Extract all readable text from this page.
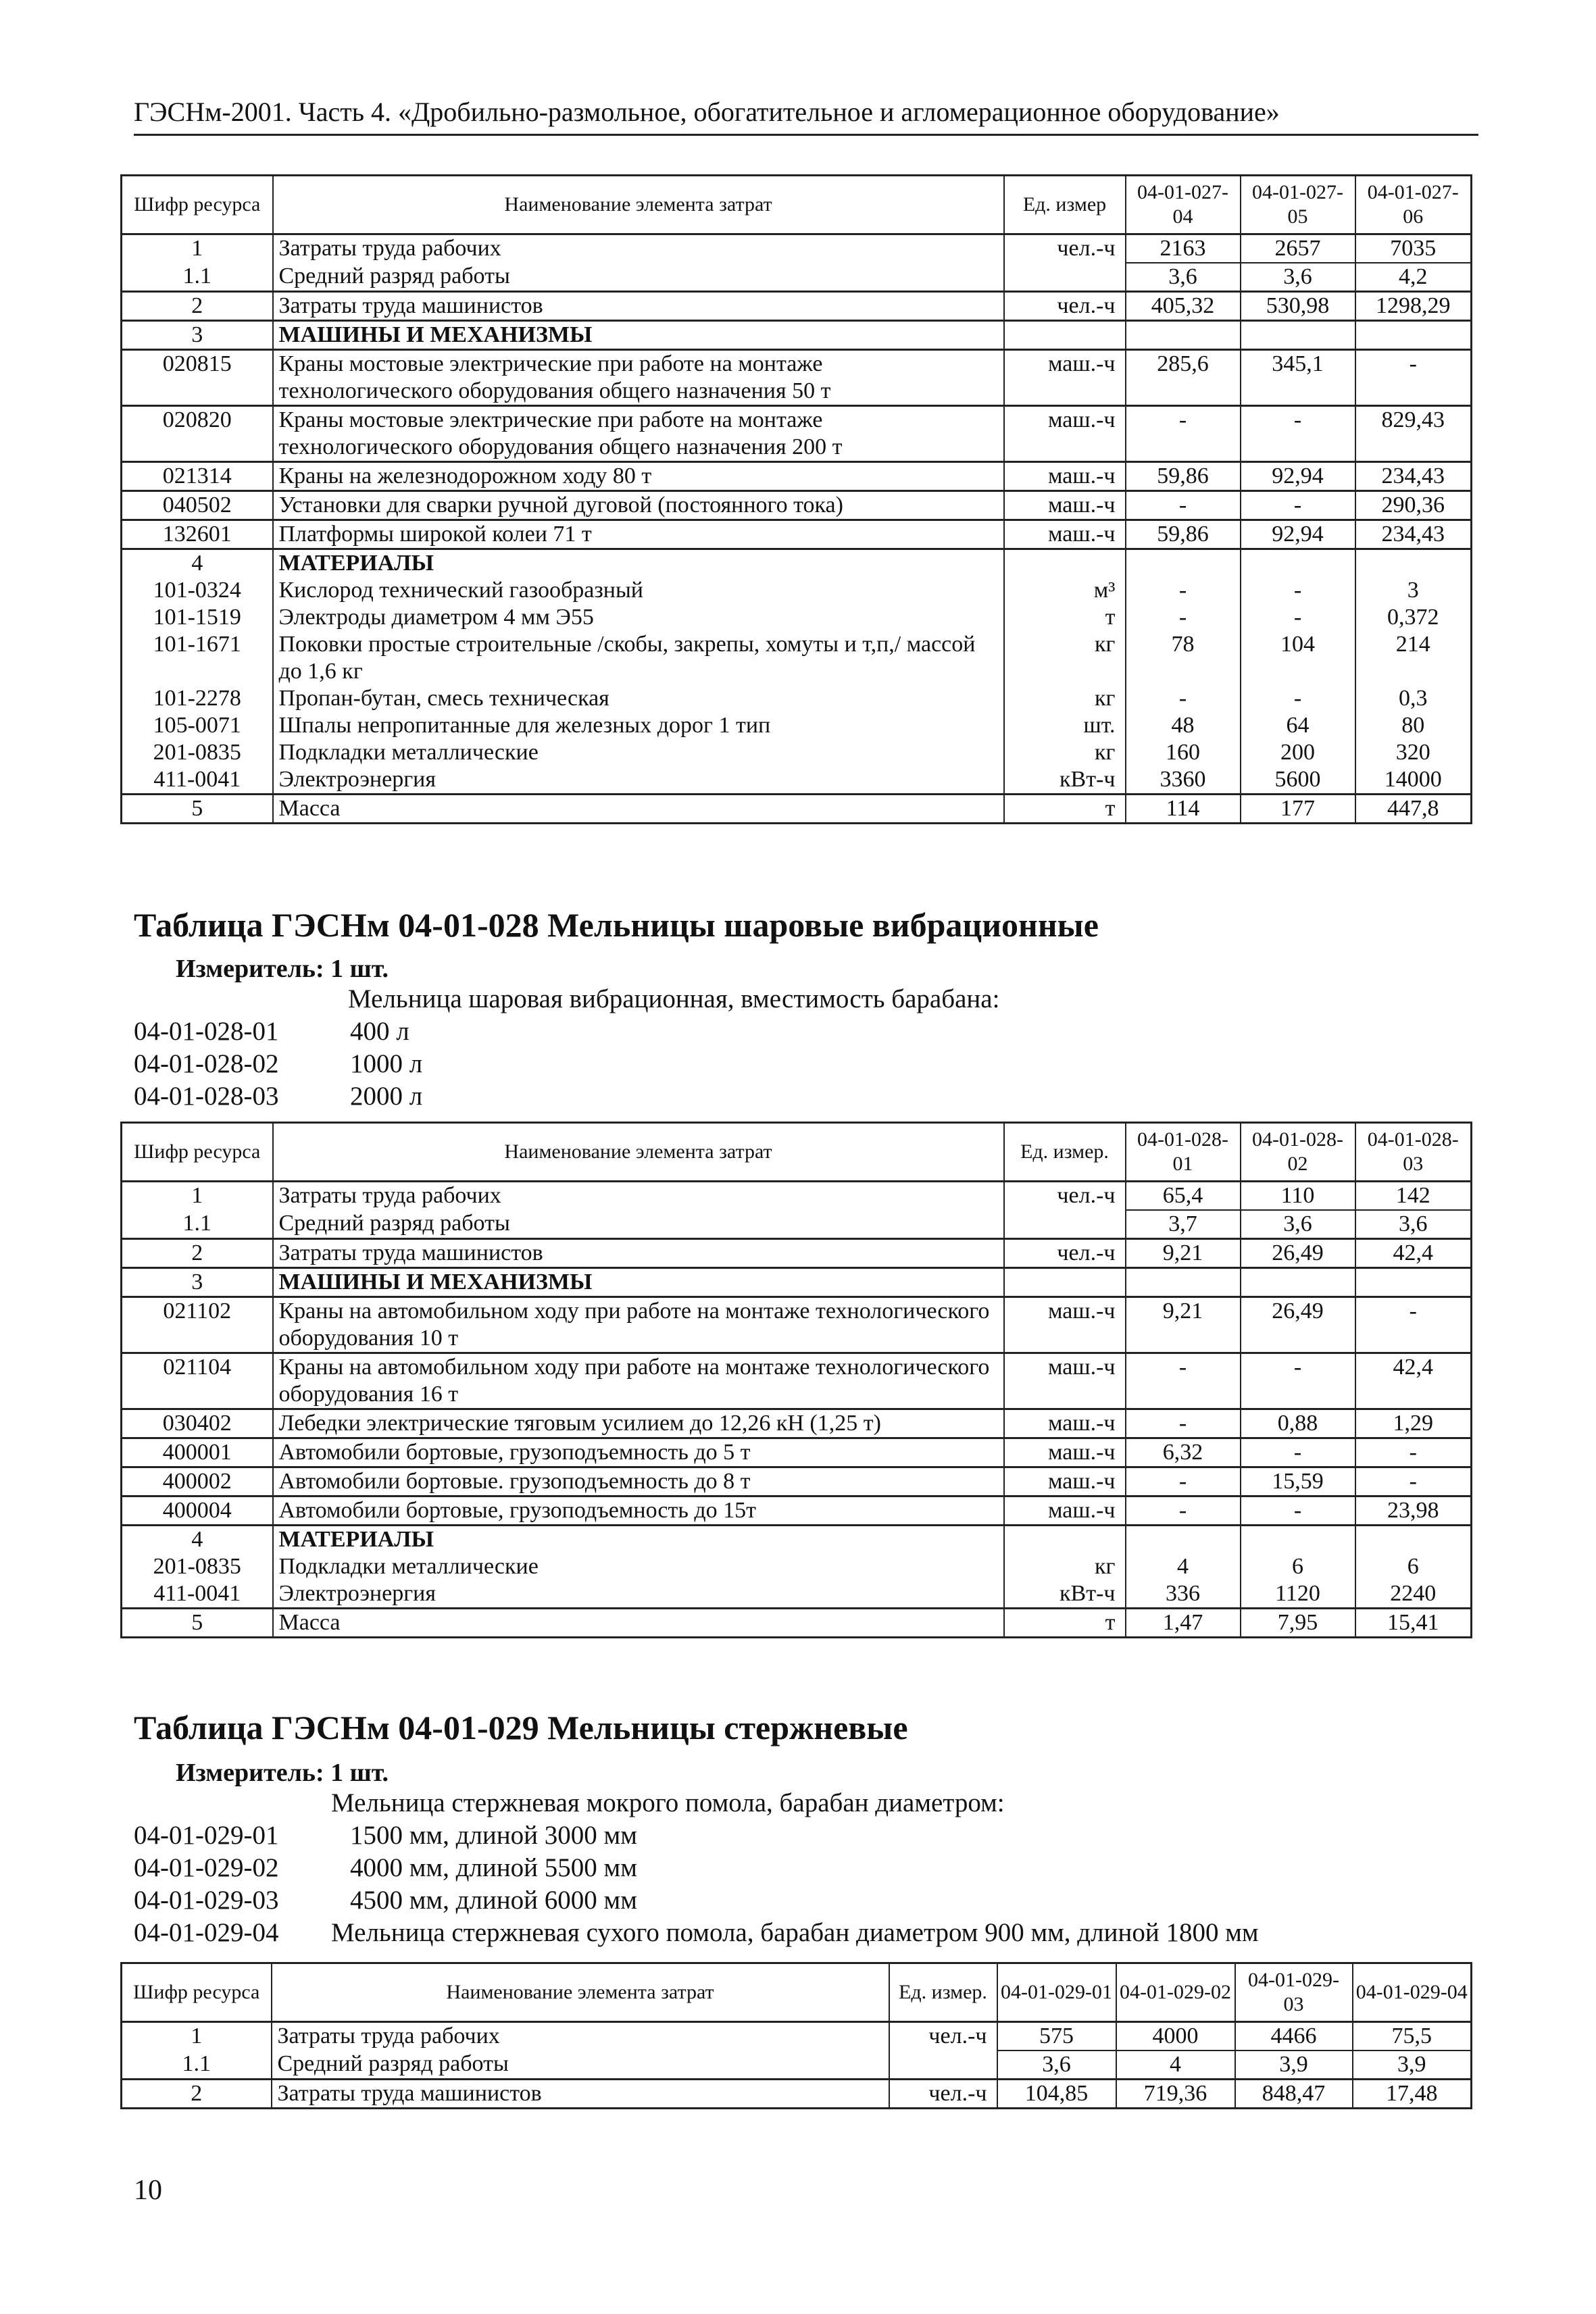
ГЭСНм-2001. Часть 4. «Дробильно-размольное, обогатительное и агломерационное оборудование»
Шифр ресурса	Наименование элемента затрат	Ед. измер	04-01-027-04	04-01-027-05	04-01-027-06
1	Затраты труда рабочих	чел.-ч	2163	2657	7035
1.1	Средний разряд работы		3,6	3,6	4,2
2	Затраты труда машинистов	чел.-ч	405,32	530,98	1298,29
3	МАШИНЫ И МЕХАНИЗМЫ				
020815	Краны мостовые электрические при работе на монтаже технологического оборудования общего назначения 50 т	маш.-ч	285,6	345,1	-
020820	Краны мостовые электрические при работе на монтаже технологического оборудования общего назначения 200 т	маш.-ч	-	-	829,43
021314	Краны на железнодорожном ходу 80 т	маш.-ч	59,86	92,94	234,43
040502	Установки для сварки ручной дуговой (постоянного тока)	маш.-ч	-	-	290,36
132601	Платформы широкой колеи 71 т	маш.-ч	59,86	92,94	234,43
4	МАТЕРИАЛЫ				
101-0324	Кислород технический газообразный	м³	-	-	3
101-1519	Электроды диаметром 4 мм Э55	т	-	-	0,372
101-1671	Поковки простые строительные /скобы, закрепы, хомуты и т,п,/ массой до 1,6 кг	кг	78	104	214
101-2278	Пропан-бутан, смесь техническая	кг	-	-	0,3
105-0071	Шпалы непропитанные для железных дорог 1 тип	шт.	48	64	80
201-0835	Подкладки металлические	кг	160	200	320
411-0041	Электроэнергия	кВт-ч	3360	5600	14000
5	Масса	т	114	177	447,8
Таблица ГЭСНм 04-01-028 Мельницы шаровые вибрационные
Измеритель: 1 шт.
Мельница шаровая вибрационная, вместимость барабана:
04-01-028-01	400 л
04-01-028-02	1000 л
04-01-028-03	2000 л
Шифр ресурса	Наименование элемента затрат	Ед. измер.	04-01-028-01	04-01-028-02	04-01-028-03
1	Затраты труда рабочих	чел.-ч	65,4	110	142
1.1	Средний разряд работы		3,7	3,6	3,6
2	Затраты труда машинистов	чел.-ч	9,21	26,49	42,4
3	МАШИНЫ И МЕХАНИЗМЫ				
021102	Краны на автомобильном ходу при работе на монтаже технологического оборудования 10 т	маш.-ч	9,21	26,49	-
021104	Краны на автомобильном ходу при работе на монтаже технологического оборудования 16 т	маш.-ч	-	-	42,4
030402	Лебедки электрические тяговым усилием до 12,26 кН (1,25 т)	маш.-ч	-	0,88	1,29
400001	Автомобили бортовые, грузоподъемность до 5 т	маш.-ч	6,32	-	-
400002	Автомобили бортовые. грузоподъемность до 8 т	маш.-ч	-	15,59	-
400004	Автомобили бортовые, грузоподъемность до 15т	маш.-ч	-	-	23,98
4	МАТЕРИАЛЫ				
201-0835	Подкладки металлические	кг	4	6	6
411-0041	Электроэнергия	кВт-ч	336	1120	2240
5	Масса	т	1,47	7,95	15,41
Таблица ГЭСНм 04-01-029 Мельницы стержневые
Измеритель: 1 шт.
Мельница стержневая мокрого помола, барабан диаметром:
04-01-029-01	1500 мм, длиной 3000 мм
04-01-029-02	4000 мм, длиной 5500 мм
04-01-029-03	4500 мм, длиной 6000 мм
04-01-029-04 Мельница стержневая сухого помола, барабан диаметром 900 мм, длиной 1800 мм
Шифр ресурса	Наименование элемента затрат	Ед. измер.	04-01-029-01	04-01-029-02	04-01-029-03	04-01-029-04
1	Затраты труда рабочих	чел.-ч	575	4000	4466	75,5
1.1	Средний разряд работы		3,6	4	3,9	3,9
2	Затраты труда машинистов	чел.-ч	104,85	719,36	848,47	17,48
10
